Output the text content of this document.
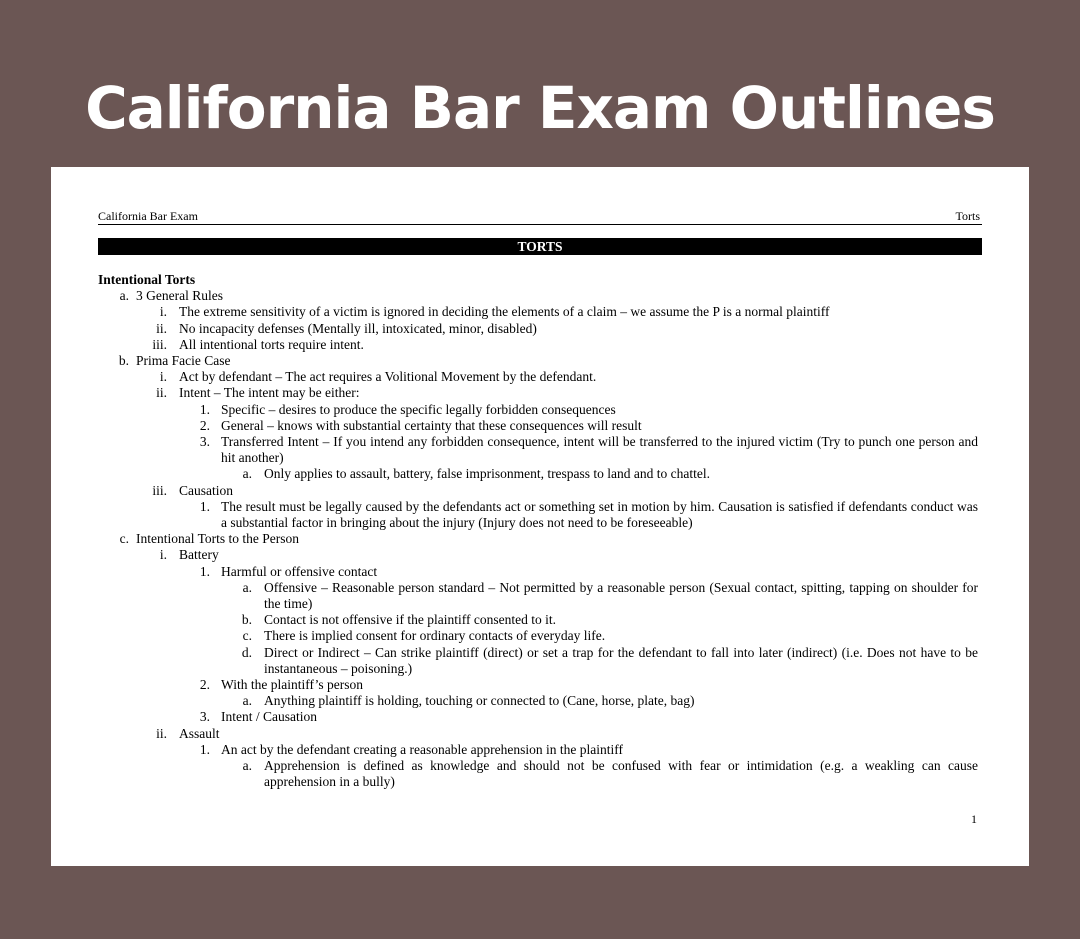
California Bar Exam Outlines
California Bar Exam	Torts
TORTS
Intentional Torts
a. 3 General Rules
i. The extreme sensitivity of a victim is ignored in deciding the elements of a claim – we assume the P is a normal plaintiff
ii. No incapacity defenses (Mentally ill, intoxicated, minor, disabled)
iii. All intentional torts require intent.
b. Prima Facie Case
i. Act by defendant – The act requires a Volitional Movement by the defendant.
ii. Intent – The intent may be either:
1. Specific – desires to produce the specific legally forbidden consequences
2. General – knows with substantial certainty that these consequences will result
3. Transferred Intent – If you intend any forbidden consequence, intent will be transferred to the injured victim (Try to punch one person and hit another)
a. Only applies to assault, battery, false imprisonment, trespass to land and to chattel.
iii. Causation
1. The result must be legally caused by the defendants act or something set in motion by him. Causation is satisfied if defendants conduct was a substantial factor in bringing about the injury (Injury does not need to be foreseeable)
c. Intentional Torts to the Person
i. Battery
1. Harmful or offensive contact
a. Offensive – Reasonable person standard – Not permitted by a reasonable person (Sexual contact, spitting, tapping on shoulder for the time)
b. Contact is not offensive if the plaintiff consented to it.
c. There is implied consent for ordinary contacts of everyday life.
d. Direct or Indirect – Can strike plaintiff (direct) or set a trap for the defendant to fall into later (indirect) (i.e. Does not have to be instantaneous – poisoning.)
2. With the plaintiff’s person
a. Anything plaintiff is holding, touching or connected to (Cane, horse, plate, bag)
3. Intent / Causation
ii. Assault
1. An act by the defendant creating a reasonable apprehension in the plaintiff
a. Apprehension is defined as knowledge and should not be confused with fear or intimidation (e.g. a weakling can cause apprehension in a bully)
1
